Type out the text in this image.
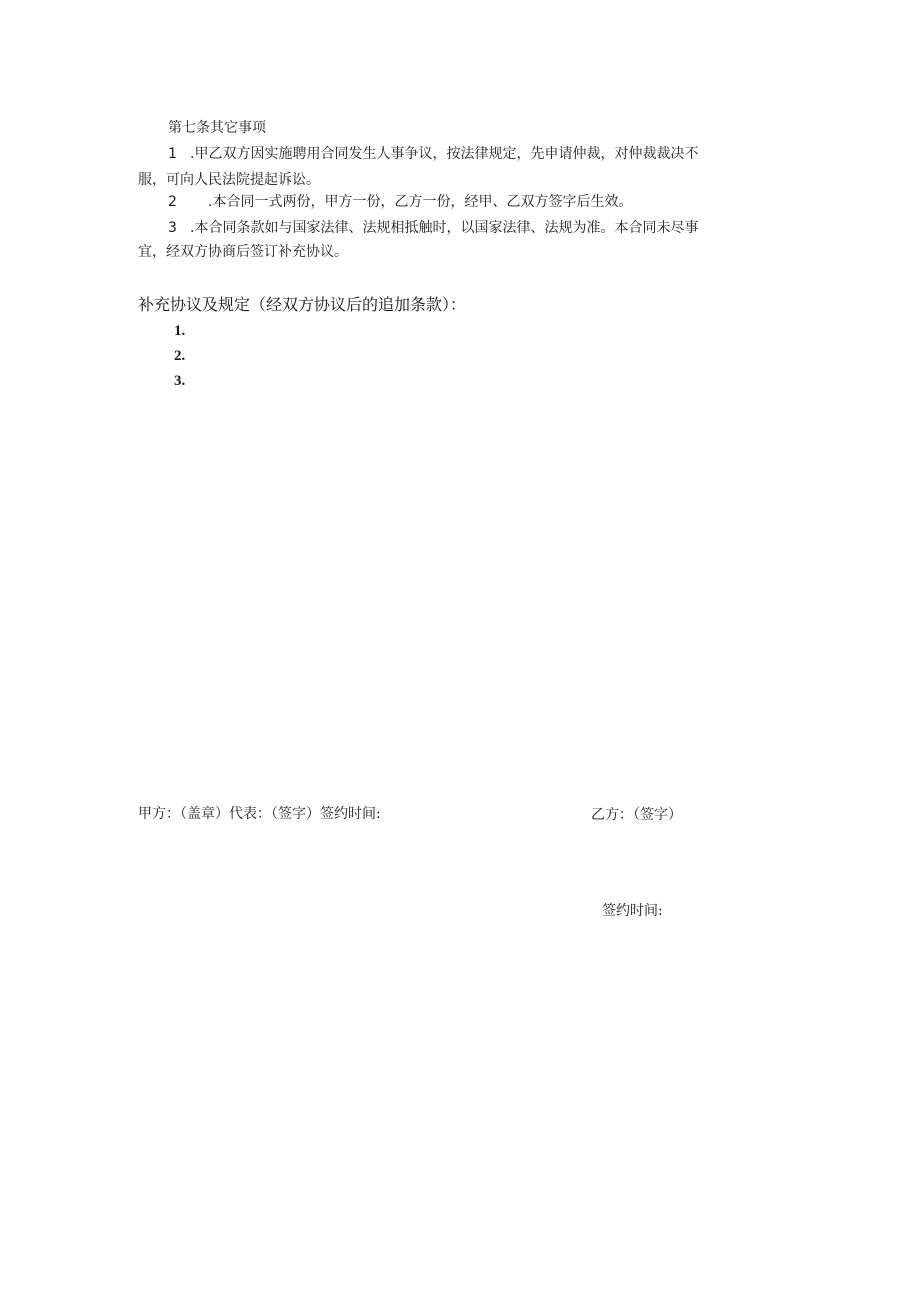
第七条其它事项
1 .甲乙双方因实施聘用合同发生人事争议，按法律规定，先申请仲裁，对仲裁裁决不
服，可向人民法院提起诉讼。
2 .本合同一式两份，甲方一份，乙方一份，经甲、乙双方签字后生效。
3 .本合同条款如与国家法律、法规相抵触时，以国家法律、法规为准。本合同未尽事
宜，经双方协商后签订补充协议。
补充协议及规定（经双方协议后的追加条款）：
1.
2.
3.
甲方：（盖章）代表：（签字）签约时间:	乙方：（签字）
签约时间:
